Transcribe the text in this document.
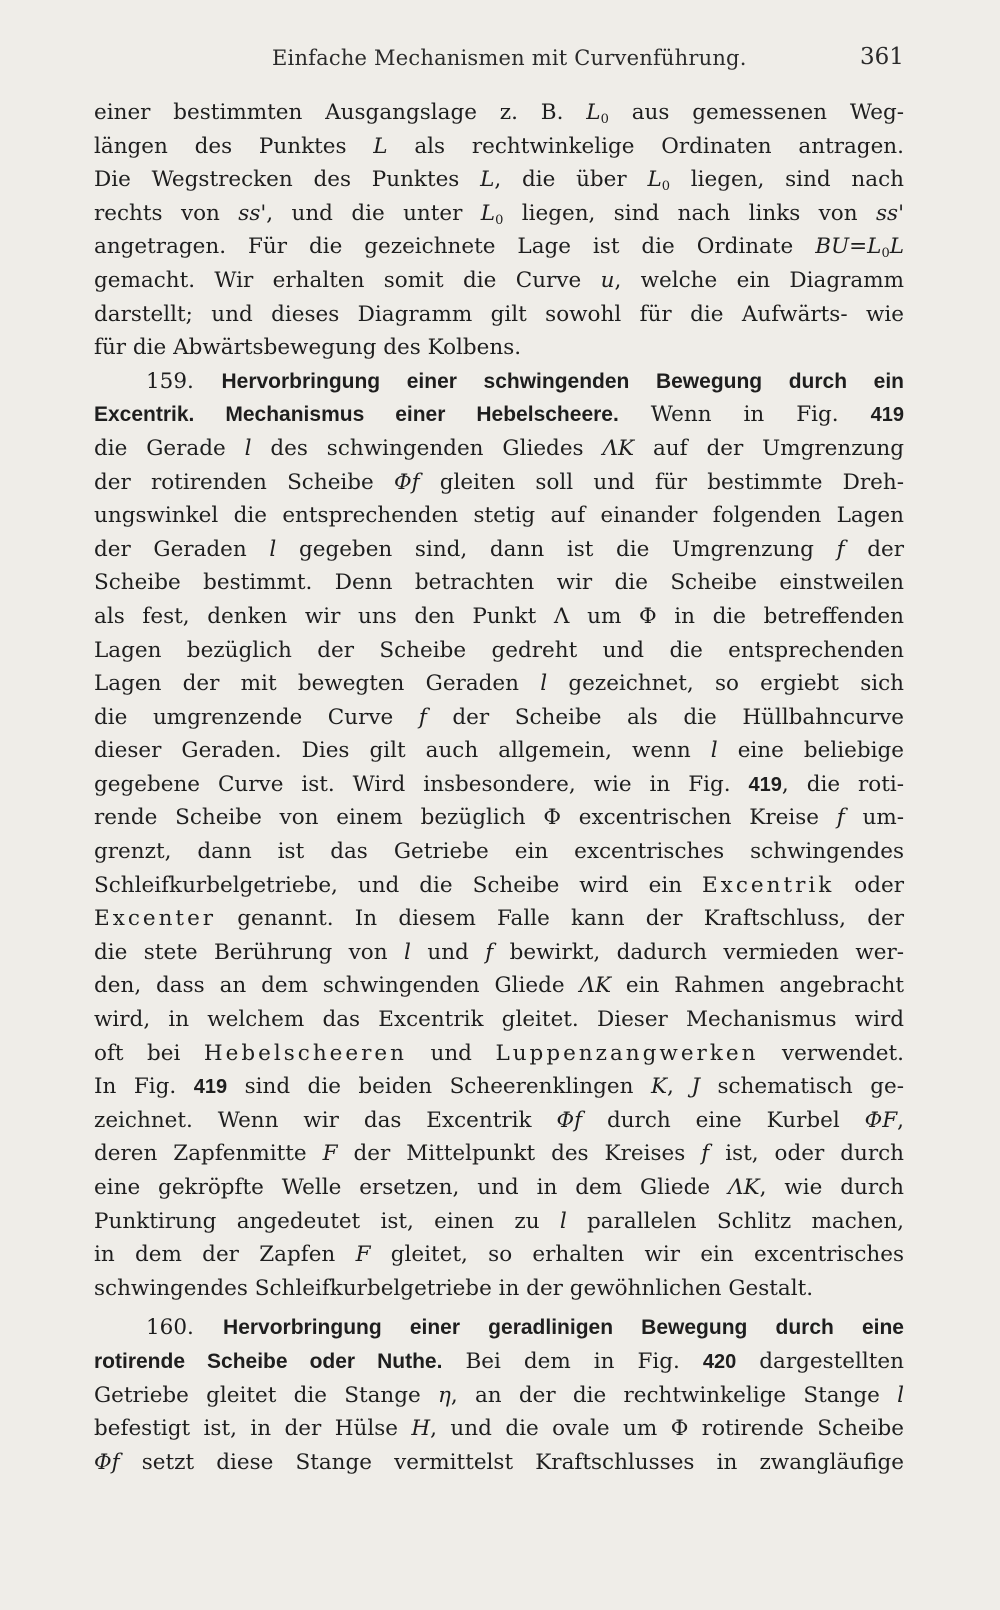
Einfache Mechanismen mit Curvenführung.	361
einer bestimmten Ausgangslage z. B. $L_0$ aus gemessenen Weg-
längen des Punktes L als rechtwinkelige Ordinaten antragen.
Die Wegstrecken des Punktes L, die über $L_0$ liegen, sind nach
rechts von ss', und die unter $L_0$ liegen, sind nach links von ss'
angetragen. Für die gezeichnete Lage ist die Ordinate $BU=L_0L$
gemacht. Wir erhalten somit die Curve u, welche ein Diagramm
darstellt; und dieses Diagramm gilt sowohl für die Aufwärts- wie
für die Abwärtsbewegung des Kolbens.
159. Hervorbringung einer schwingenden Bewegung durch ein
Excentrik. Mechanismus einer Hebelscheere. Wenn in Fig. 419
die Gerade l des schwingenden Gliedes ΛK auf der Umgrenzung
der rotirenden Scheibe Φf gleiten soll und für bestimmte Dreh-
ungswinkel die entsprechenden stetig auf einander folgenden Lagen
der Geraden l gegeben sind, dann ist die Umgrenzung f der
Scheibe bestimmt. Denn betrachten wir die Scheibe einstweilen
als fest, denken wir uns den Punkt Λ um Φ in die betreffenden
Lagen bezüglich der Scheibe gedreht und die entsprechenden
Lagen der mit bewegten Geraden l gezeichnet, so ergiebt sich
die umgrenzende Curve f der Scheibe als die Hüllbahncurve
dieser Geraden. Dies gilt auch allgemein, wenn l eine beliebige
gegebene Curve ist. Wird insbesondere, wie in Fig. 419, die roti-
rende Scheibe von einem bezüglich Φ excentrischen Kreise f um-
grenzt, dann ist das Getriebe ein excentrisches schwingendes
Schleifkurbelgetriebe, und die Scheibe wird ein Excentrik oder
Excenter genannt. In diesem Falle kann der Kraftschluss, der
die stete Berührung von l und f bewirkt, dadurch vermieden wer-
den, dass an dem schwingenden Gliede ΛK ein Rahmen angebracht
wird, in welchem das Excentrik gleitet. Dieser Mechanismus wird
oft bei Hebelscheeren und Luppenzangwerken verwendet.
In Fig. 419 sind die beiden Scheerenklingen K, J schematisch ge-
zeichnet. Wenn wir das Excentrik Φf durch eine Kurbel ΦF,
deren Zapfenmitte F der Mittelpunkt des Kreises f ist, oder durch
eine gekröpfte Welle ersetzen, und in dem Gliede ΛK, wie durch
Punktirung angedeutet ist, einen zu l parallelen Schlitz machen,
in dem der Zapfen F gleitet, so erhalten wir ein excentrisches
schwingendes Schleifkurbelgetriebe in der gewöhnlichen Gestalt.
160. Hervorbringung einer geradlinigen Bewegung durch eine
rotirende Scheibe oder Nuthe. Bei dem in Fig. 420 dargestellten
Getriebe gleitet die Stange η, an der die rechtwinkelige Stange l
befestigt ist, in der Hülse H, und die ovale um Φ rotirende Scheibe
Φf setzt diese Stange vermittelst Kraftschlusses in zwangläufige
